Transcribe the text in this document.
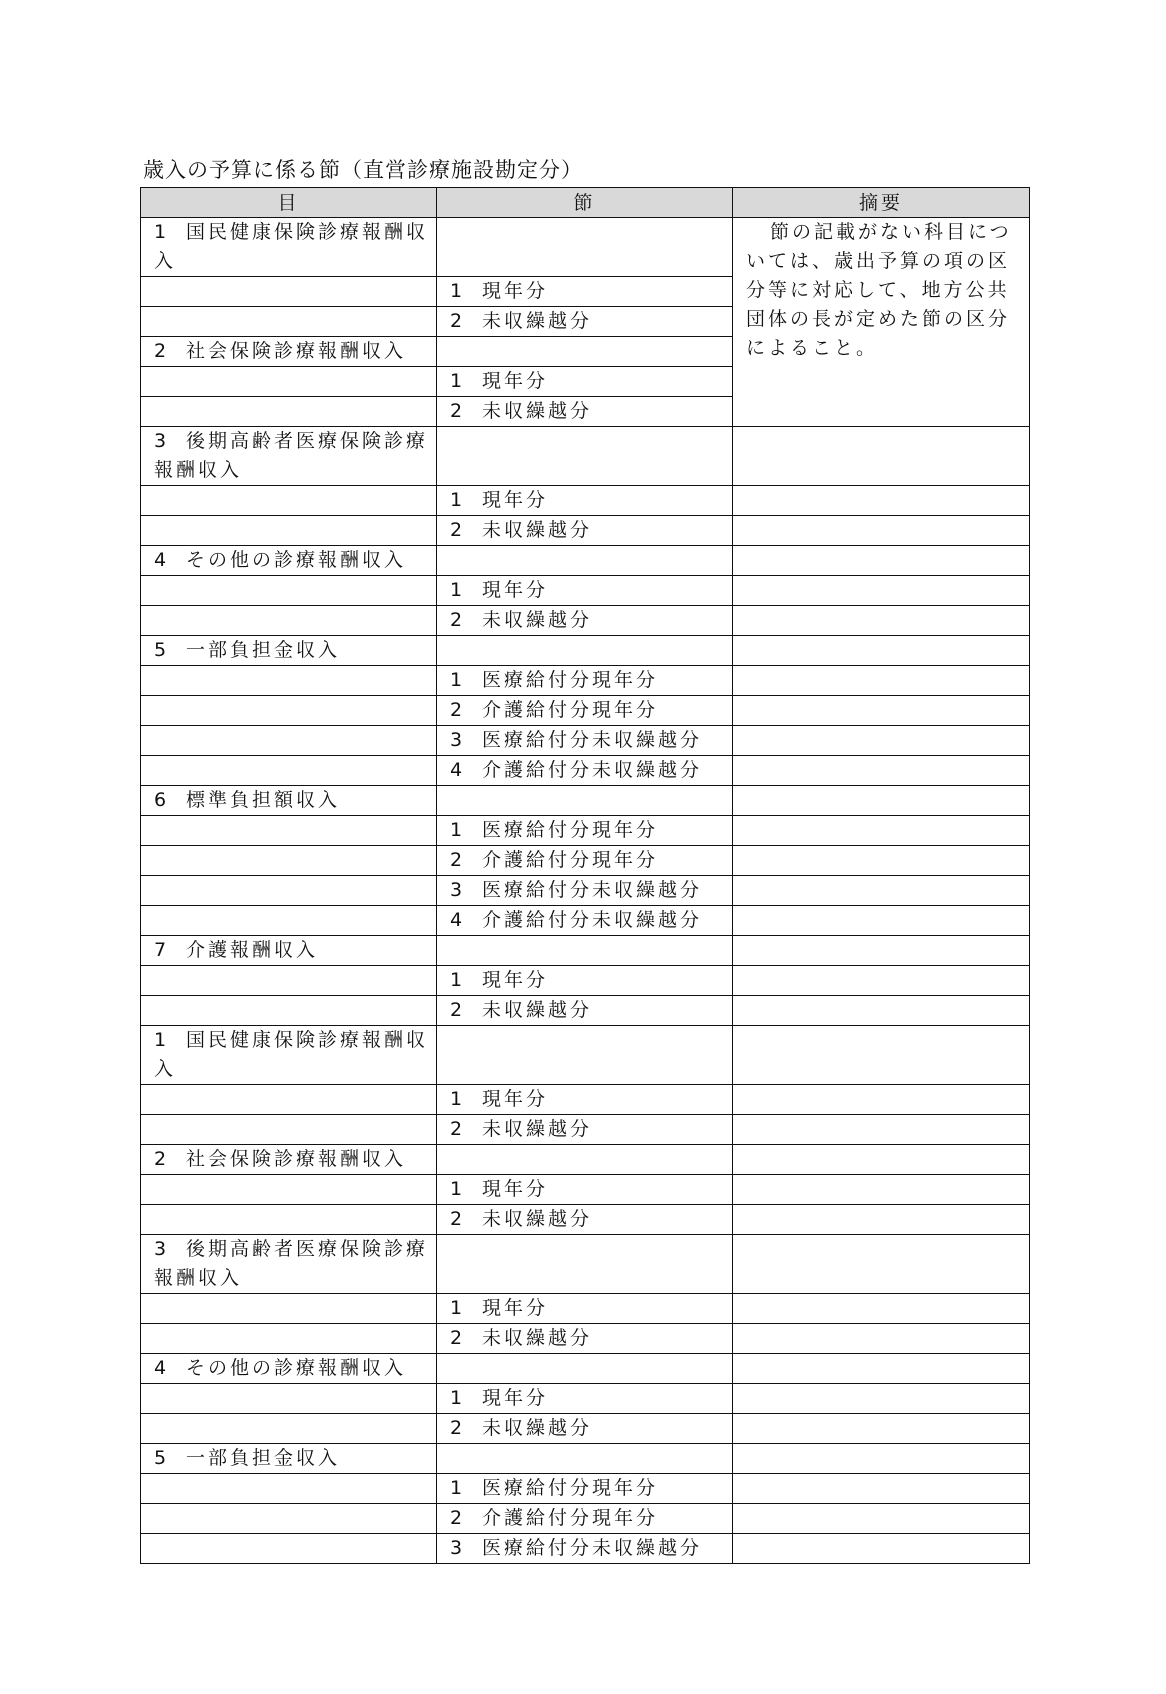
歳入の予算に係る節（直営診療施設勘定分）
目	節	摘要
1 国民健康保険診療報酬収入		節の記載がない科目については、歳出予算の項の区分等に対応して、地方公共団体の長が定めた節の区分によること。

	1 現年分	
	2 未収繰越分	
2 社会保険診療報酬収入		
	1 現年分	
	2 未収繰越分	
3 後期高齢者医療保険診療報酬収入		
	1 現年分	
	2 未収繰越分	
4 その他の診療報酬収入		
	1 現年分	
	2 未収繰越分	
5 一部負担金収入		
	1 医療給付分現年分	
	2 介護給付分現年分	
	3 医療給付分未収繰越分	
	4 介護給付分未収繰越分	
6 標準負担額収入		
	1 医療給付分現年分	
	2 介護給付分現年分	
	3 医療給付分未収繰越分	
	4 介護給付分未収繰越分	
7 介護報酬収入		
	1 現年分	
	2 未収繰越分	
1 国民健康保険診療報酬収入		
	1 現年分	
	2 未収繰越分	
2 社会保険診療報酬収入		
	1 現年分	
	2 未収繰越分	
3 後期高齢者医療保険診療報酬収入		
	1 現年分	
	2 未収繰越分	
4 その他の診療報酬収入		
	1 現年分	
	2 未収繰越分	
5 一部負担金収入		
	1 医療給付分現年分	
	2 介護給付分現年分	
	3 医療給付分未収繰越分	
